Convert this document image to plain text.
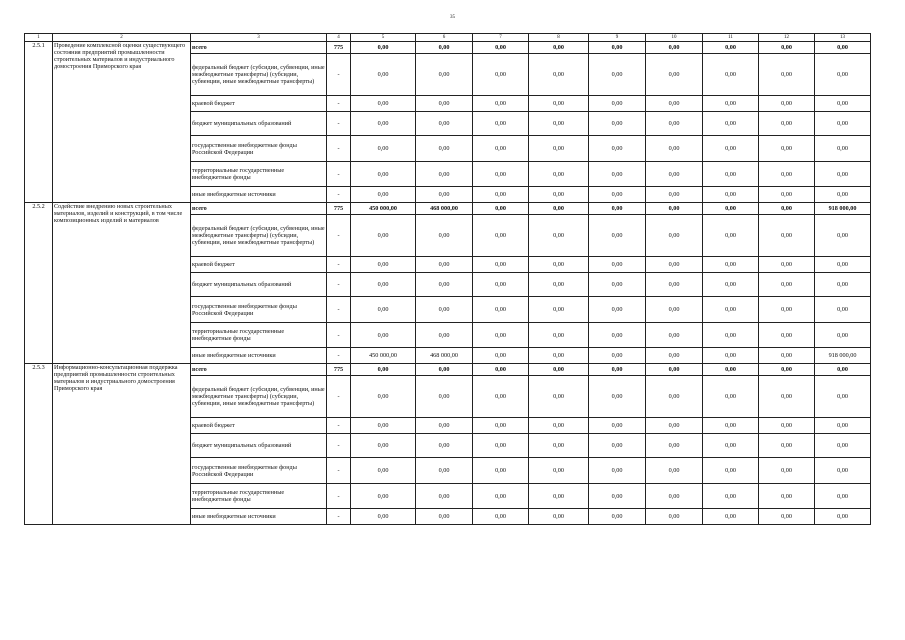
35
1	2	3	4	5	6	7	8	9	10	11	12	13
2.5.1	Проведение комплексной оценки существующего состояния предприятий промышленности строительных материалов и индустриального домостроения Приморского края	всего	775	0,00	0,00	0,00	0,00	0,00	0,00	0,00	0,00	0,00
		федеральный бюджет (субсидии, субвенции, иные межбюджетные трансферты) (субсидии, субвенции, иные межбюджетные трансферты)	-	0,00	0,00	0,00	0,00	0,00	0,00	0,00	0,00	0,00
		краевой бюджет	-	0,00	0,00	0,00	0,00	0,00	0,00	0,00	0,00	0,00
		бюджет муниципальных образований	-	0,00	0,00	0,00	0,00	0,00	0,00	0,00	0,00	0,00
		государственные внебюджетные фонды Российской Федерации	-	0,00	0,00	0,00	0,00	0,00	0,00	0,00	0,00	0,00
		территориальные государственные внебюджетные фонды	-	0,00	0,00	0,00	0,00	0,00	0,00	0,00	0,00	0,00
		иные внебюджетные источники	-	0,00	0,00	0,00	0,00	0,00	0,00	0,00	0,00	0,00
2.5.2	Содействие внедрению новых строительных материалов, изделий и конструкций, в том числе композиционных изделий и материалов	всего	775	450 000,00	468 000,00	0,00	0,00	0,00	0,00	0,00	0,00	918 000,00
		федеральный бюджет (субсидии, субвенции, иные межбюджетные трансферты) (субсидии, субвенции, иные межбюджетные трансферты)	-	0,00	0,00	0,00	0,00	0,00	0,00	0,00	0,00	0,00
		краевой бюджет	-	0,00	0,00	0,00	0,00	0,00	0,00	0,00	0,00	0,00
		бюджет муниципальных образований	-	0,00	0,00	0,00	0,00	0,00	0,00	0,00	0,00	0,00
		государственные внебюджетные фонды Российской Федерации	-	0,00	0,00	0,00	0,00	0,00	0,00	0,00	0,00	0,00
		территориальные государственные внебюджетные фонды	-	0,00	0,00	0,00	0,00	0,00	0,00	0,00	0,00	0,00
		иные внебюджетные источники	-	450 000,00	468 000,00	0,00	0,00	0,00	0,00	0,00	0,00	918 000,00
2.5.3	Информационно-консультационная поддержка предприятий промышленности строительных материалов и индустриального домостроения Приморского края	всего	775	0,00	0,00	0,00	0,00	0,00	0,00	0,00	0,00	0,00
		федеральный бюджет (субсидии, субвенции, иные межбюджетные трансферты) (субсидии, субвенции, иные межбюджетные трансферты)	-	0,00	0,00	0,00	0,00	0,00	0,00	0,00	0,00	0,00
		краевой бюджет	-	0,00	0,00	0,00	0,00	0,00	0,00	0,00	0,00	0,00
		бюджет муниципальных образований	-	0,00	0,00	0,00	0,00	0,00	0,00	0,00	0,00	0,00
		государственные внебюджетные фонды Российской Федерации	-	0,00	0,00	0,00	0,00	0,00	0,00	0,00	0,00	0,00
		территориальные государственные внебюджетные фонды	-	0,00	0,00	0,00	0,00	0,00	0,00	0,00	0,00	0,00
		иные внебюджетные источники	-	0,00	0,00	0,00	0,00	0,00	0,00	0,00	0,00	0,00
